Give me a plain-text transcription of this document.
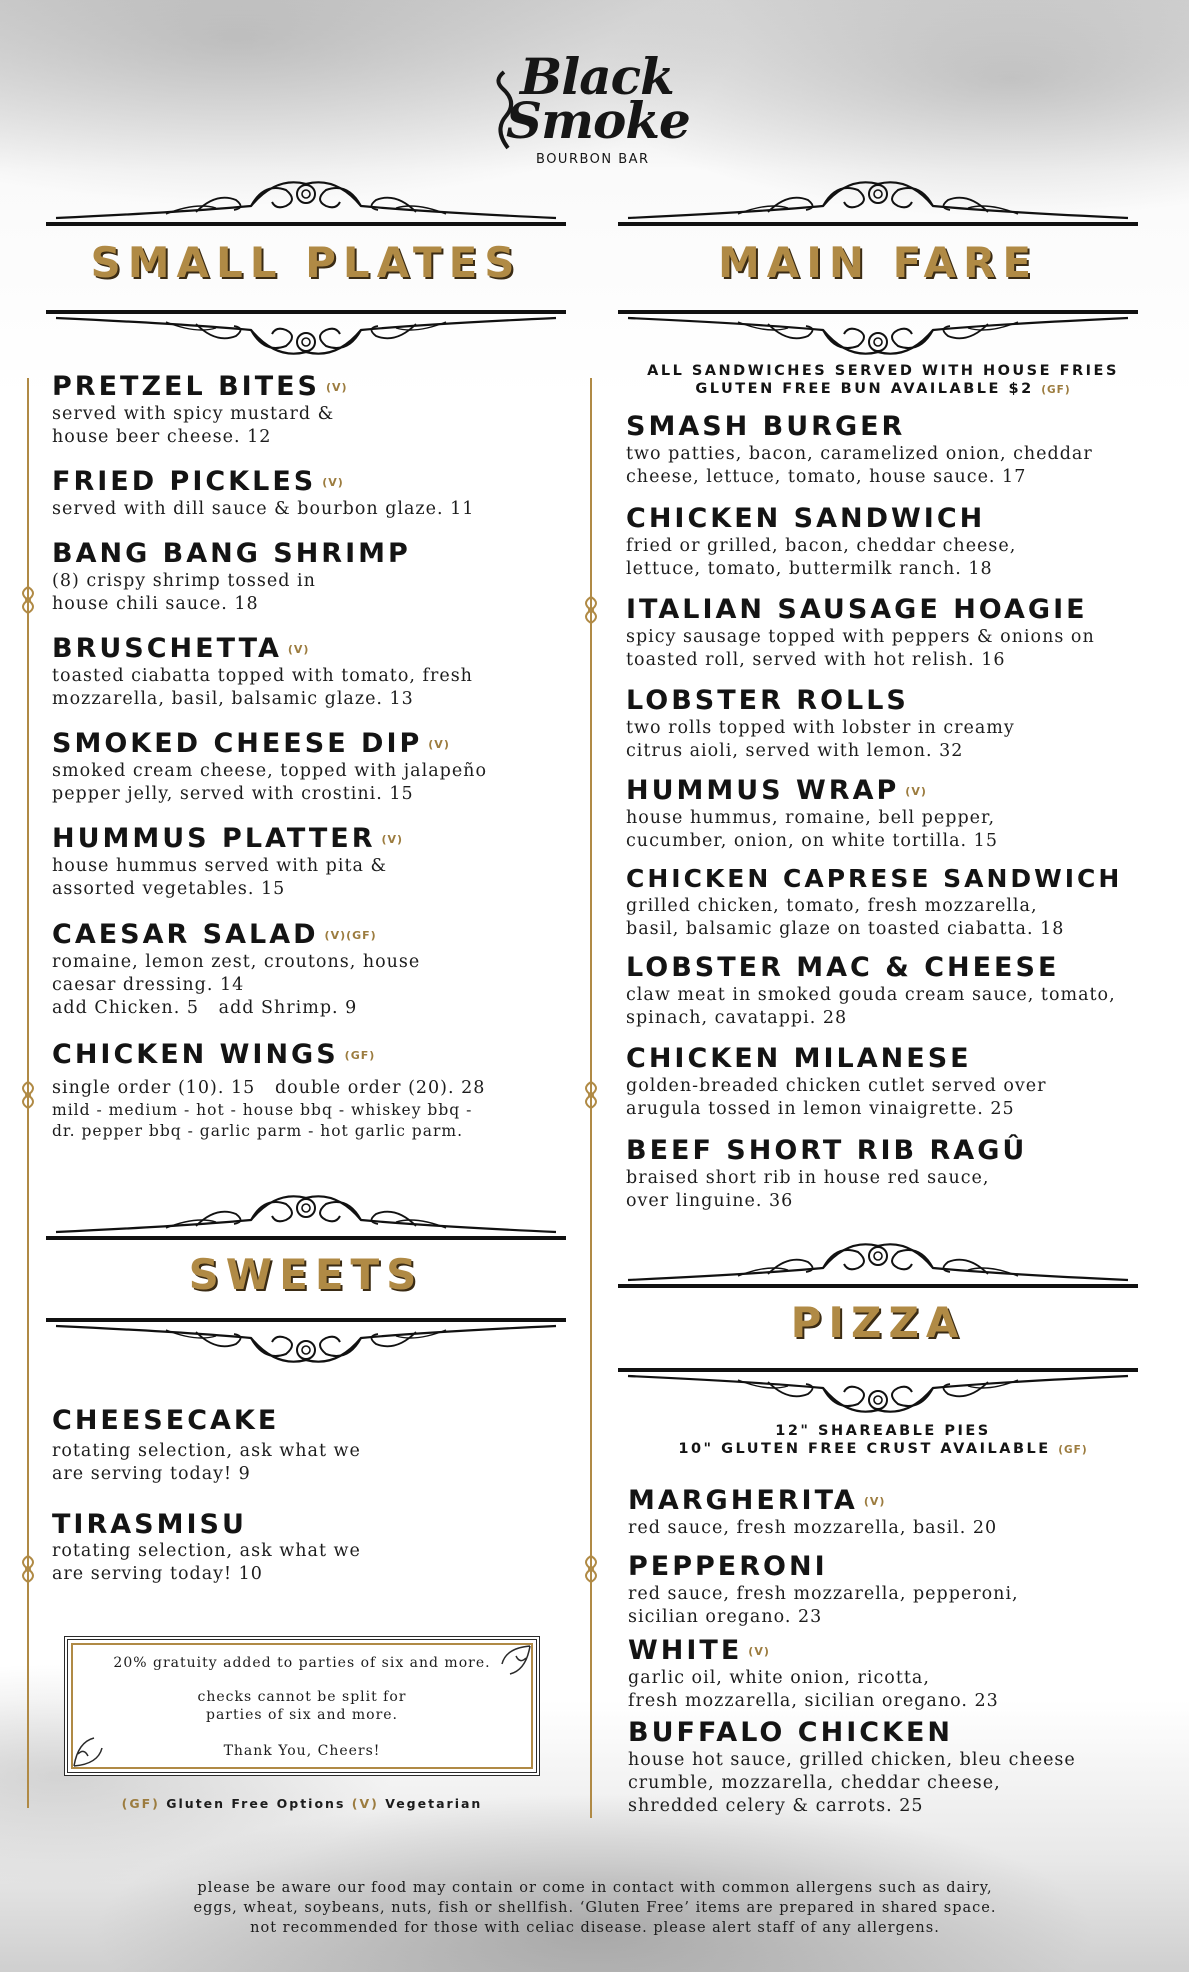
Black
Smoke
BOURBON BAR
SMALL PLATES
PRETZEL BITES (V)
served with spicy mustard &
house beer cheese. 12
FRIED PICKLES (V)
served with dill sauce & bourbon glaze. 11
BANG BANG SHRIMP
(8) crispy shrimp tossed in
house chili sauce. 18
BRUSCHETTA (V)
toasted ciabatta topped with tomato, fresh
mozzarella, basil, balsamic glaze. 13
SMOKED CHEESE DIP (V)
smoked cream cheese, topped with jalapeño
pepper jelly, served with crostini. 15
HUMMUS PLATTER (V)
house hummus served with pita &
assorted vegetables. 15
CAESAR SALAD (V)(GF)
romaine, lemon zest, croutons, house
caesar dressing. 14
add Chicken. 5   add Shrimp. 9
CHICKEN WINGS (GF)
single order (10). 15   double order (20). 28
mild - medium - hot - house bbq - whiskey bbq -
dr. pepper bbq - garlic parm - hot garlic parm.
SWEETS
CHEESECAKE
rotating selection, ask what we
are serving today! 9
TIRASMISU
rotating selection, ask what we
are serving today! 10
20% gratuity added to parties of six and more.
checks cannot be split for
parties of six and more.
Thank You, Cheers!
(GF) Gluten Free Options (V) Vegetarian
MAIN FARE
ALL SANDWICHES SERVED WITH HOUSE FRIES
GLUTEN FREE BUN AVAILABLE $2 (GF)
SMASH BURGER
two patties, bacon, caramelized onion, cheddar
cheese, lettuce, tomato, house sauce. 17
CHICKEN SANDWICH
fried or grilled, bacon, cheddar cheese,
lettuce, tomato, buttermilk ranch. 18
ITALIAN SAUSAGE HOAGIE
spicy sausage topped with peppers & onions on
toasted roll, served with hot relish. 16
LOBSTER ROLLS
two rolls topped with lobster in creamy
citrus aioli, served with lemon. 32
HUMMUS WRAP (V)
house hummus, romaine, bell pepper,
cucumber, onion, on white tortilla. 15
CHICKEN CAPRESE SANDWICH
grilled chicken, tomato, fresh mozzarella,
basil, balsamic glaze on toasted ciabatta. 18
LOBSTER MAC & CHEESE
claw meat in smoked gouda cream sauce, tomato,
spinach, cavatappi. 28
CHICKEN MILANESE
golden-breaded chicken cutlet served over
arugula tossed in lemon vinaigrette. 25
BEEF SHORT RIB RAGÛ
braised short rib in house red sauce,
over linguine. 36
PIZZA
12" SHAREABLE PIES
10" GLUTEN FREE CRUST AVAILABLE (GF)
MARGHERITA (V)
red sauce, fresh mozzarella, basil. 20
PEPPERONI
red sauce, fresh mozzarella, pepperoni,
sicilian oregano. 23
WHITE (V)
garlic oil, white onion, ricotta,
fresh mozzarella, sicilian oregano. 23
BUFFALO CHICKEN
house hot sauce, grilled chicken, bleu cheese
crumble, mozzarella, cheddar cheese,
shredded celery & carrots. 25
please be aware our food may contain or come in contact with common allergens such as dairy,
eggs, wheat, soybeans, nuts, fish or shellfish. ‘Gluten Free’ items are prepared in shared space.
not recommended for those with celiac disease. please alert staff of any allergens.
